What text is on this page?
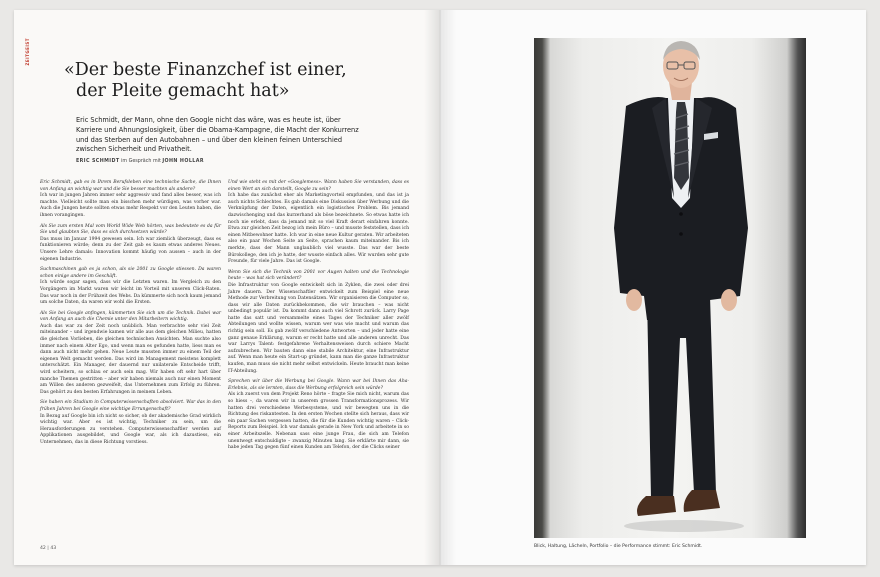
ZEITGEIST
«Der beste Finanzchef ist einer,
der Pleite gemacht hat»
Eric Schmidt, der Mann, ohne den Google nicht das wäre, was es heute ist, über Karriere und Ahnungslosigkeit, über die Obama-Kampagne, die Macht der Konkurrenz und das Sterben auf den Autobahnen – und über den kleinen feinen Unterschied zwischen Sicherheit und Privatheit.
ERIC SCHMIDT im Gespräch mit JOHN HOLLAR

Eric Schmidt, gab es in Ihrem Berufsleben eine technische Sache, die Ihnen von Anfang an wichtig war und die Sie besser machten als andere?
Ich war in jungen Jahren immer sehr aggressiv und fand alles besser, was ich machte. Vielleicht sollte man ein bisschen mehr würdigen, was vorher war. Auch die Jungen heute sollten etwas mehr Respekt vor den Leuten haben, die ihnen vorangingen.

Als Sie zum ersten Mal vom World Wide Web hörten, was bedeutete es da für Sie und glaubten Sie, dass es sich durchsetzen würde?
Das muss im Januar 1994 gewesen sein. Ich war ziemlich überzeugt, dass es funktionieren würde; denn zu der Zeit gab es kaum etwas anderes Neues. Unsere Lehre damals: Innovation kommt häufig von aussen – auch in der eigenen Industrie.

Suchmaschinen gab es ja schon, als sie 2001 zu Google stiessen. Da waren schon einige andere im Geschäft.
Ich würde sogar sagen, dass wir die Letzten waren. Im Vergleich zu den Vorgängern im Markt waren wir leicht im Vorteil mit unseren Click-Raten. Das war noch in der Frühzeit des Webs. Da kümmerte sich noch kaum jemand um solche Daten, da waren wir wohl die Ersten.

Als Sie bei Google anfingen, kümmerten Sie sich um die Technik. Dabei war von Anfang an auch die Chemie unter den Mitarbeitern wichtig.
Auch das war zu der Zeit noch unüblich. Man verbrachte sehr viel Zeit miteinander – und irgendwie kamen wir alle aus dem gleichen Milieu, hatten die gleichen Vorlieben, die gleichen technischen Ansichten. Man suchte also immer nach einem Alter Ego, und wenn man es gefunden hatte, liess man es dann auch nicht mehr gehen. Neue Leute mussten immer zu einem Teil der eigenen Welt gemacht werden. Das wird im Management meistens komplett unterschätzt. Ein Manager, der dauernd nur unilaterale Entscheide trifft, wird scheitern, so schlau er auch sein mag. Wir haben oft sehr hart über manche Themen gestritten – aber wir haben niemals auch nur einen Moment am Willen des anderen gezweifelt, das Unternehmen zum Erfolg zu führen. Das gehört zu den besten Erfahrungen in meinem Leben.

Sie haben ein Studium in Computerwissenschaften absolviert. War das in den frühen Jahren bei Google eine wichtige Errungenschaft?
In Bezug auf Google bin ich nicht so sicher, ob der akademische Grad wirklich wichtig war. Aber es ist wichtig, Techniker zu sein, um die Herausforderungen zu verstehen. Computerwissenschaftler werden auf Applikationen ausgebildet, und Google war, als ich dazustiess, ein Unternehmen, das in diese Richtung vorstiess.

Und wie steht es mit der «Googlemess». Wann haben Sie verstanden, dass es einen Wert an sich darstellt, Google zu sein?
Ich habe das zunächst eher als Marketingvorteil empfunden, und das ist ja auch nichts Schlechtes. Es gab damals eine Diskussion über Werbung und die Verknüpfung der Daten, eigentlich ein logistisches Problem. Bis jemand dazwischenging und das kurzerhand als böse bezeichnete. So etwas hatte ich noch nie erlebt, dass da jemand mit so viel Kraft derart einfahren konnte. Etwa zur gleichen Zeit bezog ich mein Büro – und musste feststellen, dass ich einen Mitbewohner hatte. Ich war in eine neue Kultur geraten. Wir arbeiteten also ein paar Wochen Seite an Seite, sprachen kaum miteinander. Bis ich merkte, dass der Mann unglaublich viel wusste. Das war der beste Bürokollege, den ich je hatte, der wusste einfach alles. Wir wurden sehr gute Freunde, für viele Jahre. Das ist Google.

Wenn Sie sich die Technik von 2001 vor Augen halten und die Technologie heute – was hat sich verändert?
Die Infrastruktur von Google entwickelt sich in Zyklen, die zwei oder drei Jahre dauern. Der Wissenschaftler entwickelt zum Beispiel eine neue Methode zur Verbreitung von Datensätzen. Wir organisieren die Computer so, dass wir alle Daten zurückbekommen, die wir brauchen – was nicht unbedingt populär ist. Da kommt dann auch viel Schrott zurück. Larry Page hatte das satt und versammelte eines Tages der Techniker aller zwölf Abteilungen und wollte wissen, warum wer was wie macht und warum das richtig sein soll. Es gab zwölf verschiedene Antworten – und jeder hatte eine ganz genaue Erklärung, warum er recht hatte und alle anderen unrecht. Das war Larrys Talent: festgefahrene Verhaltensweisen durch schiere Macht aufzubrechen. Wir bauten dann eine stabile Architektur, eine Infrastruktur auf. Wenn man heute ein Start-up gründet, kann man die ganze Infrastruktur kaufen, man muss sie nicht mehr selbst entwickeln. Heute braucht man keine IT-Abteilung.

Sprechen wir über die Werbung bei Google. Wann war bei Ihnen das Aha-Erlebnis, als sie lernten, dass die Werbung erfolgreich sein würde?
Als ich zuerst von dem Projekt Reno hörte – fragte Sie mich nicht, warum das so hiess –, da waren wir in unserem grossen Transformationsprozess. Wir hatten drei verschiedene Werbesysteme, und wir bewegten uns in die Richtung des riskantesten. In den ersten Wochen stellte sich heraus, dass wir ein paar Sachen vergessen hatten, die für die Kunden wichtig waren – Click-Reports zum Beispiel. Ich war damals gerade in New York und arbeitete in so einer Arbeitszelle. Nebenan sass eine junge Frau, die sich am Telefon unentwegt entschuldigte – zwanzig Minuten lang. Sie erklärte mir dann, sie habe jeden Tag gegen fünf einen Kunden am Telefon, der die Clicks seiner

42 | 43	Blick, Haltung, Lächeln, Portfolio – die Performance stimmt: Eric Schmidt.
